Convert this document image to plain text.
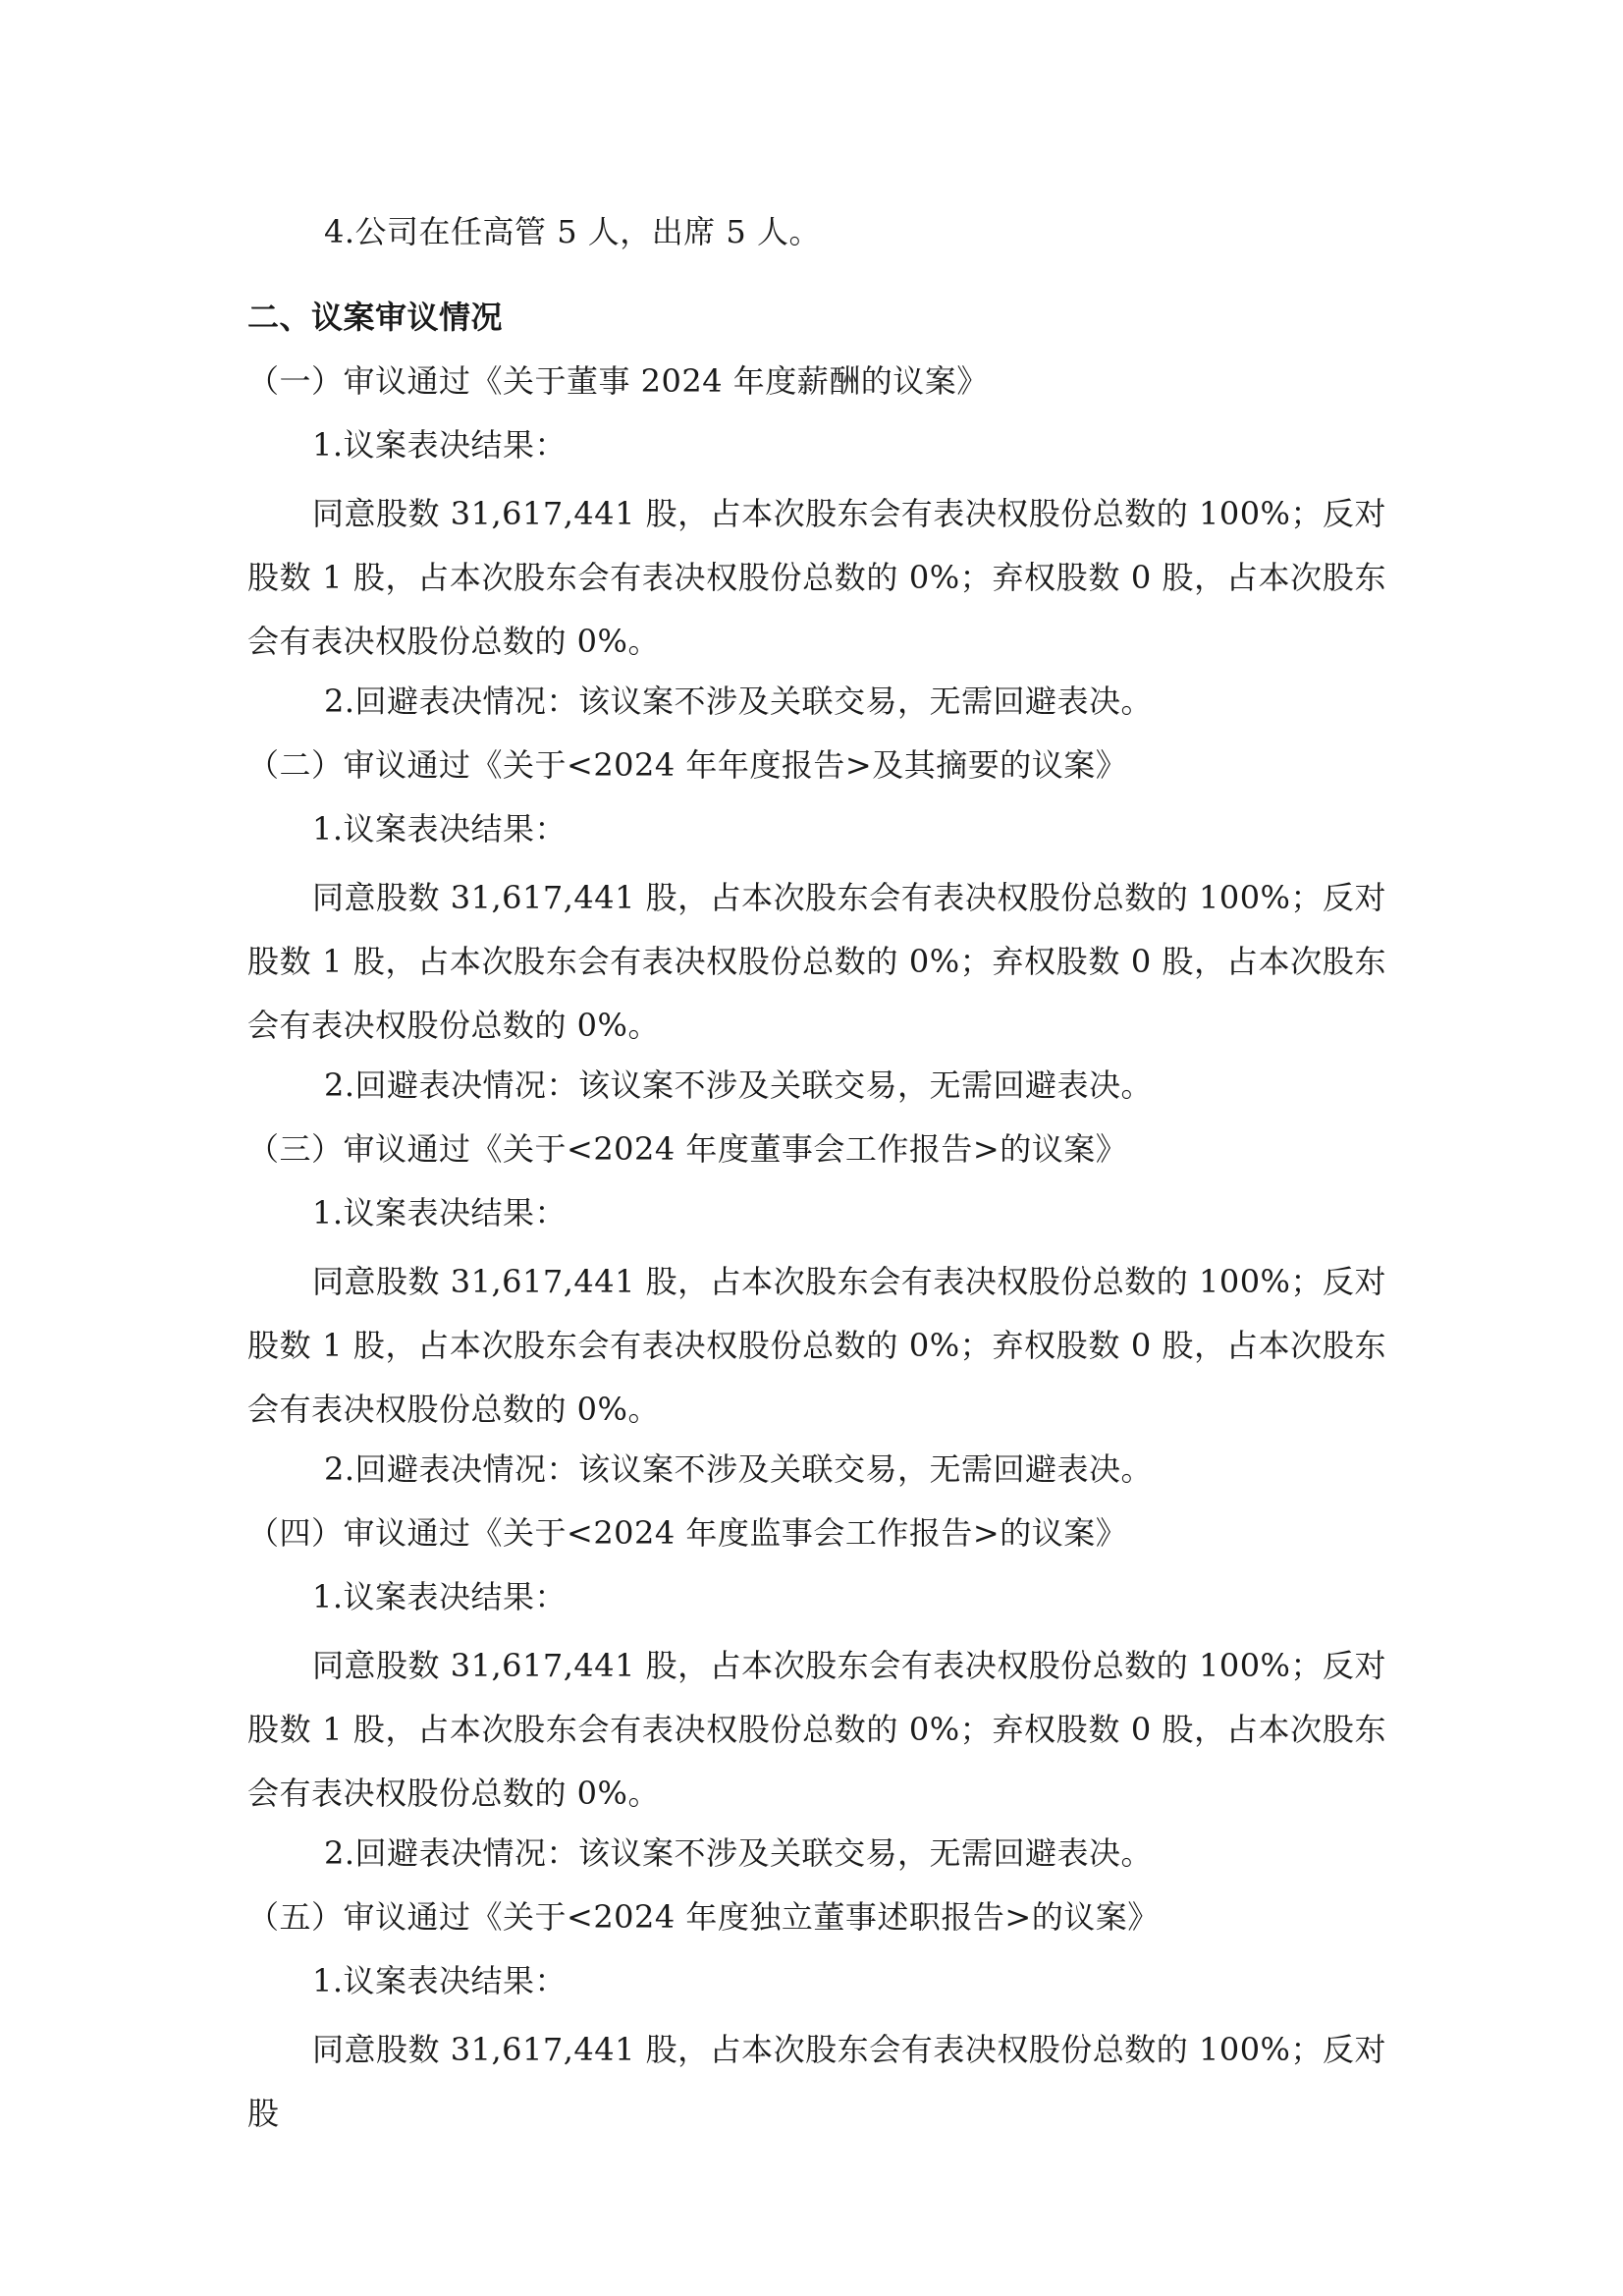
4.公司在任高管 5 人，出席 5 人。
二、议案审议情况
（一）审议通过《关于董事 2024 年度薪酬的议案》
1.议案表决结果：
同意股数 31,617,441 股，占本次股东会有表决权股份总数的 100%；反对股数 1 股，占本次股东会有表决权股份总数的 0%；弃权股数 0 股，占本次股东会有表决权股份总数的 0%。
2.回避表决情况：该议案不涉及关联交易，无需回避表决。
（二）审议通过《关于<2024 年年度报告>及其摘要的议案》
1.议案表决结果：
同意股数 31,617,441 股，占本次股东会有表决权股份总数的 100%；反对股数 1 股，占本次股东会有表决权股份总数的 0%；弃权股数 0 股，占本次股东会有表决权股份总数的 0%。
2.回避表决情况：该议案不涉及关联交易，无需回避表决。
（三）审议通过《关于<2024 年度董事会工作报告>的议案》
1.议案表决结果：
同意股数 31,617,441 股，占本次股东会有表决权股份总数的 100%；反对股数 1 股，占本次股东会有表决权股份总数的 0%；弃权股数 0 股，占本次股东会有表决权股份总数的 0%。
2.回避表决情况：该议案不涉及关联交易，无需回避表决。
（四）审议通过《关于<2024 年度监事会工作报告>的议案》
1.议案表决结果：
同意股数 31,617,441 股，占本次股东会有表决权股份总数的 100%；反对股数 1 股，占本次股东会有表决权股份总数的 0%；弃权股数 0 股，占本次股东会有表决权股份总数的 0%。
2.回避表决情况：该议案不涉及关联交易，无需回避表决。
（五）审议通过《关于<2024 年度独立董事述职报告>的议案》
1.议案表决结果：
同意股数 31,617,441 股，占本次股东会有表决权股份总数的 100%；反对股
